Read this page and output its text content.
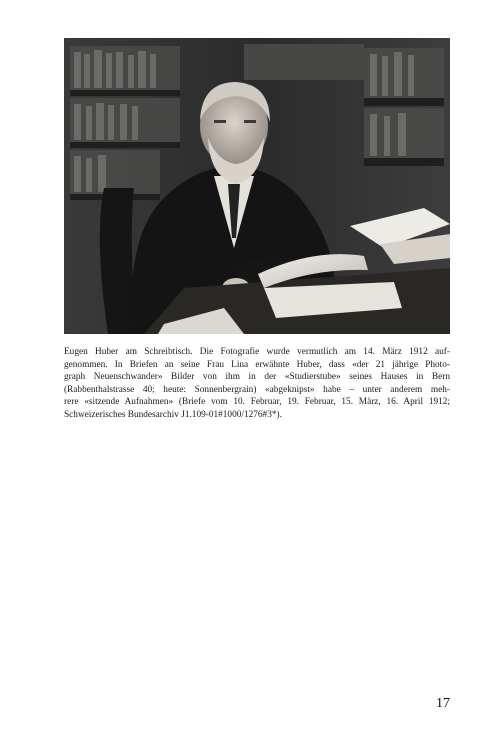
Eugen Huber am Schreibtisch. Die Fotografie wurde vermutlich am 14. März 1912 auf-
genommen. In Briefen an seine Frau Lina erwähnte Huber, dass «der 21 jährige Photo-
graph Neuenschwander» Bilder von ihm in der «Studierstube» seines Hauses in Bern
(Rabbenthalstrasse 40; heute: Sonnenbergrain) «abgeknipst» habe – unter anderem meh-
rere «sitzende Aufnahmen» (Briefe vom 10. Februar, 19. Februar, 15. März, 16. April 1912;
Schweizerisches Bundesarchiv J1.109-01#1000/1276#3*).

17
